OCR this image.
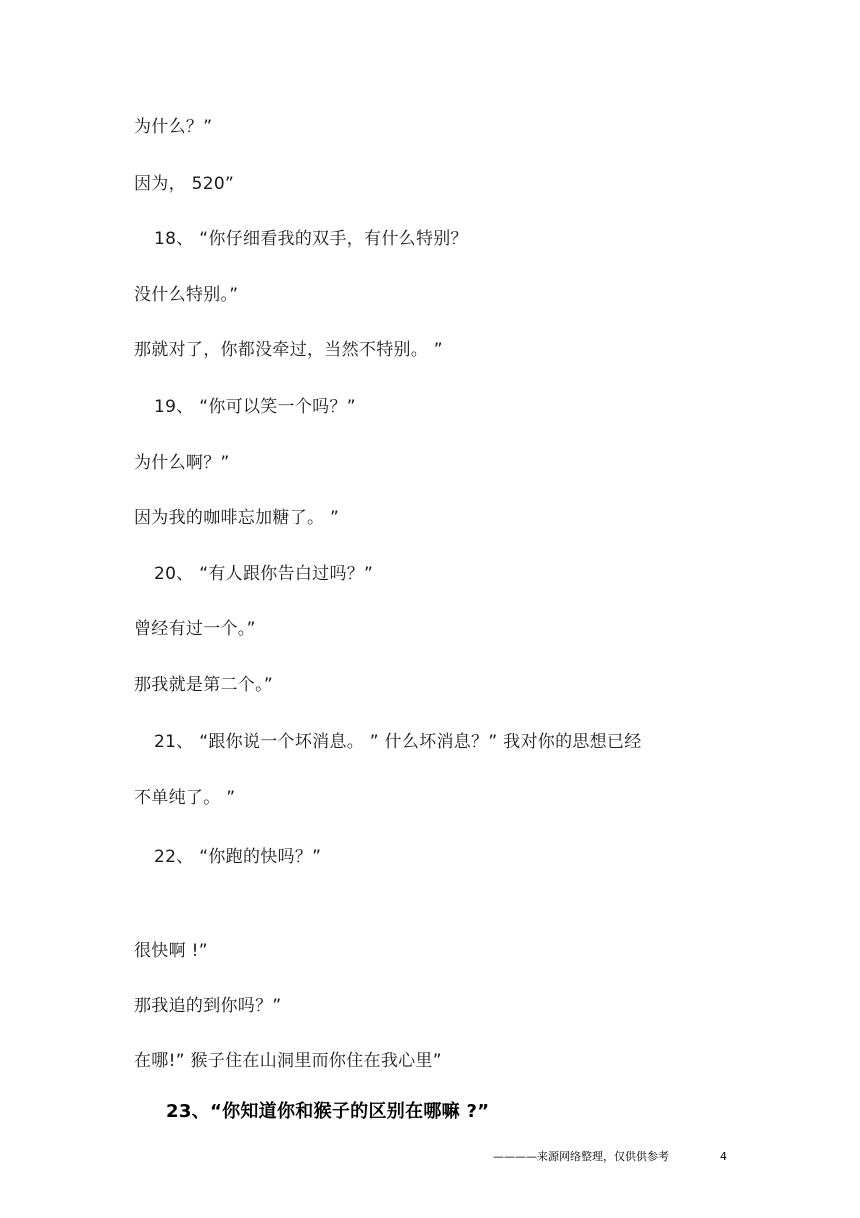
为什么？”
因为， 520”
18、 “你仔细看我的双手，有什么特别？
没什么特别。”
那就对了，你都没牵过，当然不特别。 ”
19、 “你可以笑一个吗？”
为什么啊？”
因为我的咖啡忘加糖了。 ”
20、 “有人跟你告白过吗？”
曾经有过一个。”
那我就是第二个。”
21、 “跟你说一个坏消息。 ” 什么坏消息？” 我对你的思想已经
不单纯了。 ”
22、 “你跑的快吗？”
很快啊 !”
那我追的到你吗？”
在哪!” 猴子住在山洞里而你住在我心里”
23、“你知道你和猴子的区别在哪嘛 ?”
————来源网络整理，仅供供参考	4
